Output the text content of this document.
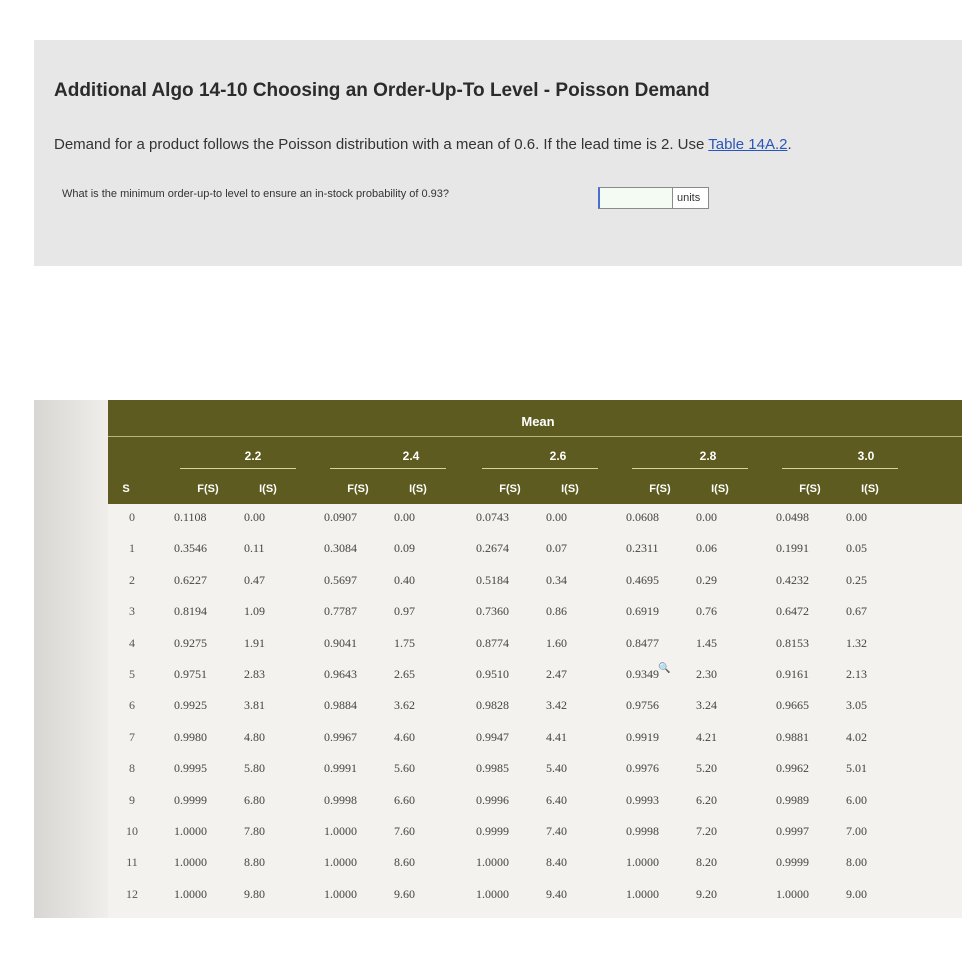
Additional Algo 14-10 Choosing an Order-Up-To Level - Poisson Demand
Demand for a product follows the Poisson distribution with a mean of 0.6. If the lead time is 2. Use Table 14A.2.
What is the minimum order-up-to level to ensure an in-stock probability of 0.93?	units
Mean
2.2
F(S)	I(S)
2.4
F(S)	I(S)
2.6
F(S)	I(S)
2.8
F(S)	I(S)
3.0
F(S)	I(S)
S
0	0.1108	0.00	0.0907	0.00	0.0743	0.00	0.0608	0.00	0.0498	0.00
1	0.3546	0.11	0.3084	0.09	0.2674	0.07	0.2311	0.06	0.1991	0.05
2	0.6227	0.47	0.5697	0.40	0.5184	0.34	0.4695	0.29	0.4232	0.25
3	0.8194	1.09	0.7787	0.97	0.7360	0.86	0.6919	0.76	0.6472	0.67
4	0.9275	1.91	0.9041	1.75	0.8774	1.60	0.8477	1.45	0.8153	1.32
5	0.9751	2.83	0.9643	2.65	0.9510	2.47	0.9349	2.30	0.9161	2.13
🔍
6	0.9925	3.81	0.9884	3.62	0.9828	3.42	0.9756	3.24	0.9665	3.05
7	0.9980	4.80	0.9967	4.60	0.9947	4.41	0.9919	4.21	0.9881	4.02
8	0.9995	5.80	0.9991	5.60	0.9985	5.40	0.9976	5.20	0.9962	5.01
9	0.9999	6.80	0.9998	6.60	0.9996	6.40	0.9993	6.20	0.9989	6.00
10	1.0000	7.80	1.0000	7.60	0.9999	7.40	0.9998	7.20	0.9997	7.00
11	1.0000	8.80	1.0000	8.60	1.0000	8.40	1.0000	8.20	0.9999	8.00
12	1.0000	9.80	1.0000	9.60	1.0000	9.40	1.0000	9.20	1.0000	9.00
